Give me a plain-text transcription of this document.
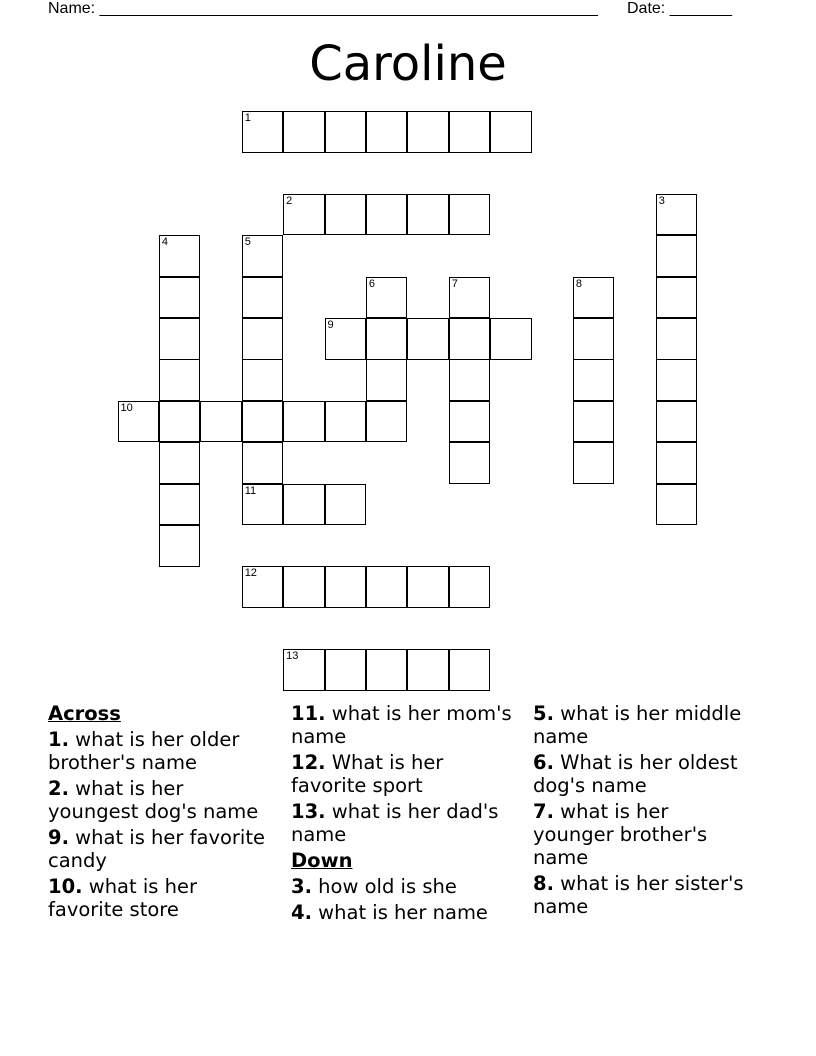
Name: ________________________________________________________ Date: _______
Caroline
1
2	3
4	5
11
6	7	8
9
10
12
13
Across
1. what is her older brother's name
2. what is her youngest dog's name
9. what is her favorite candy
10. what is her favorite store
11. what is her mom's name
12. What is her favorite sport
13. what is her dad's name
Down
3. how old is she
4. what is her name
5. what is her middle name
6. What is her oldest dog's name
7. what is her younger brother's name
8. what is her sister's name
